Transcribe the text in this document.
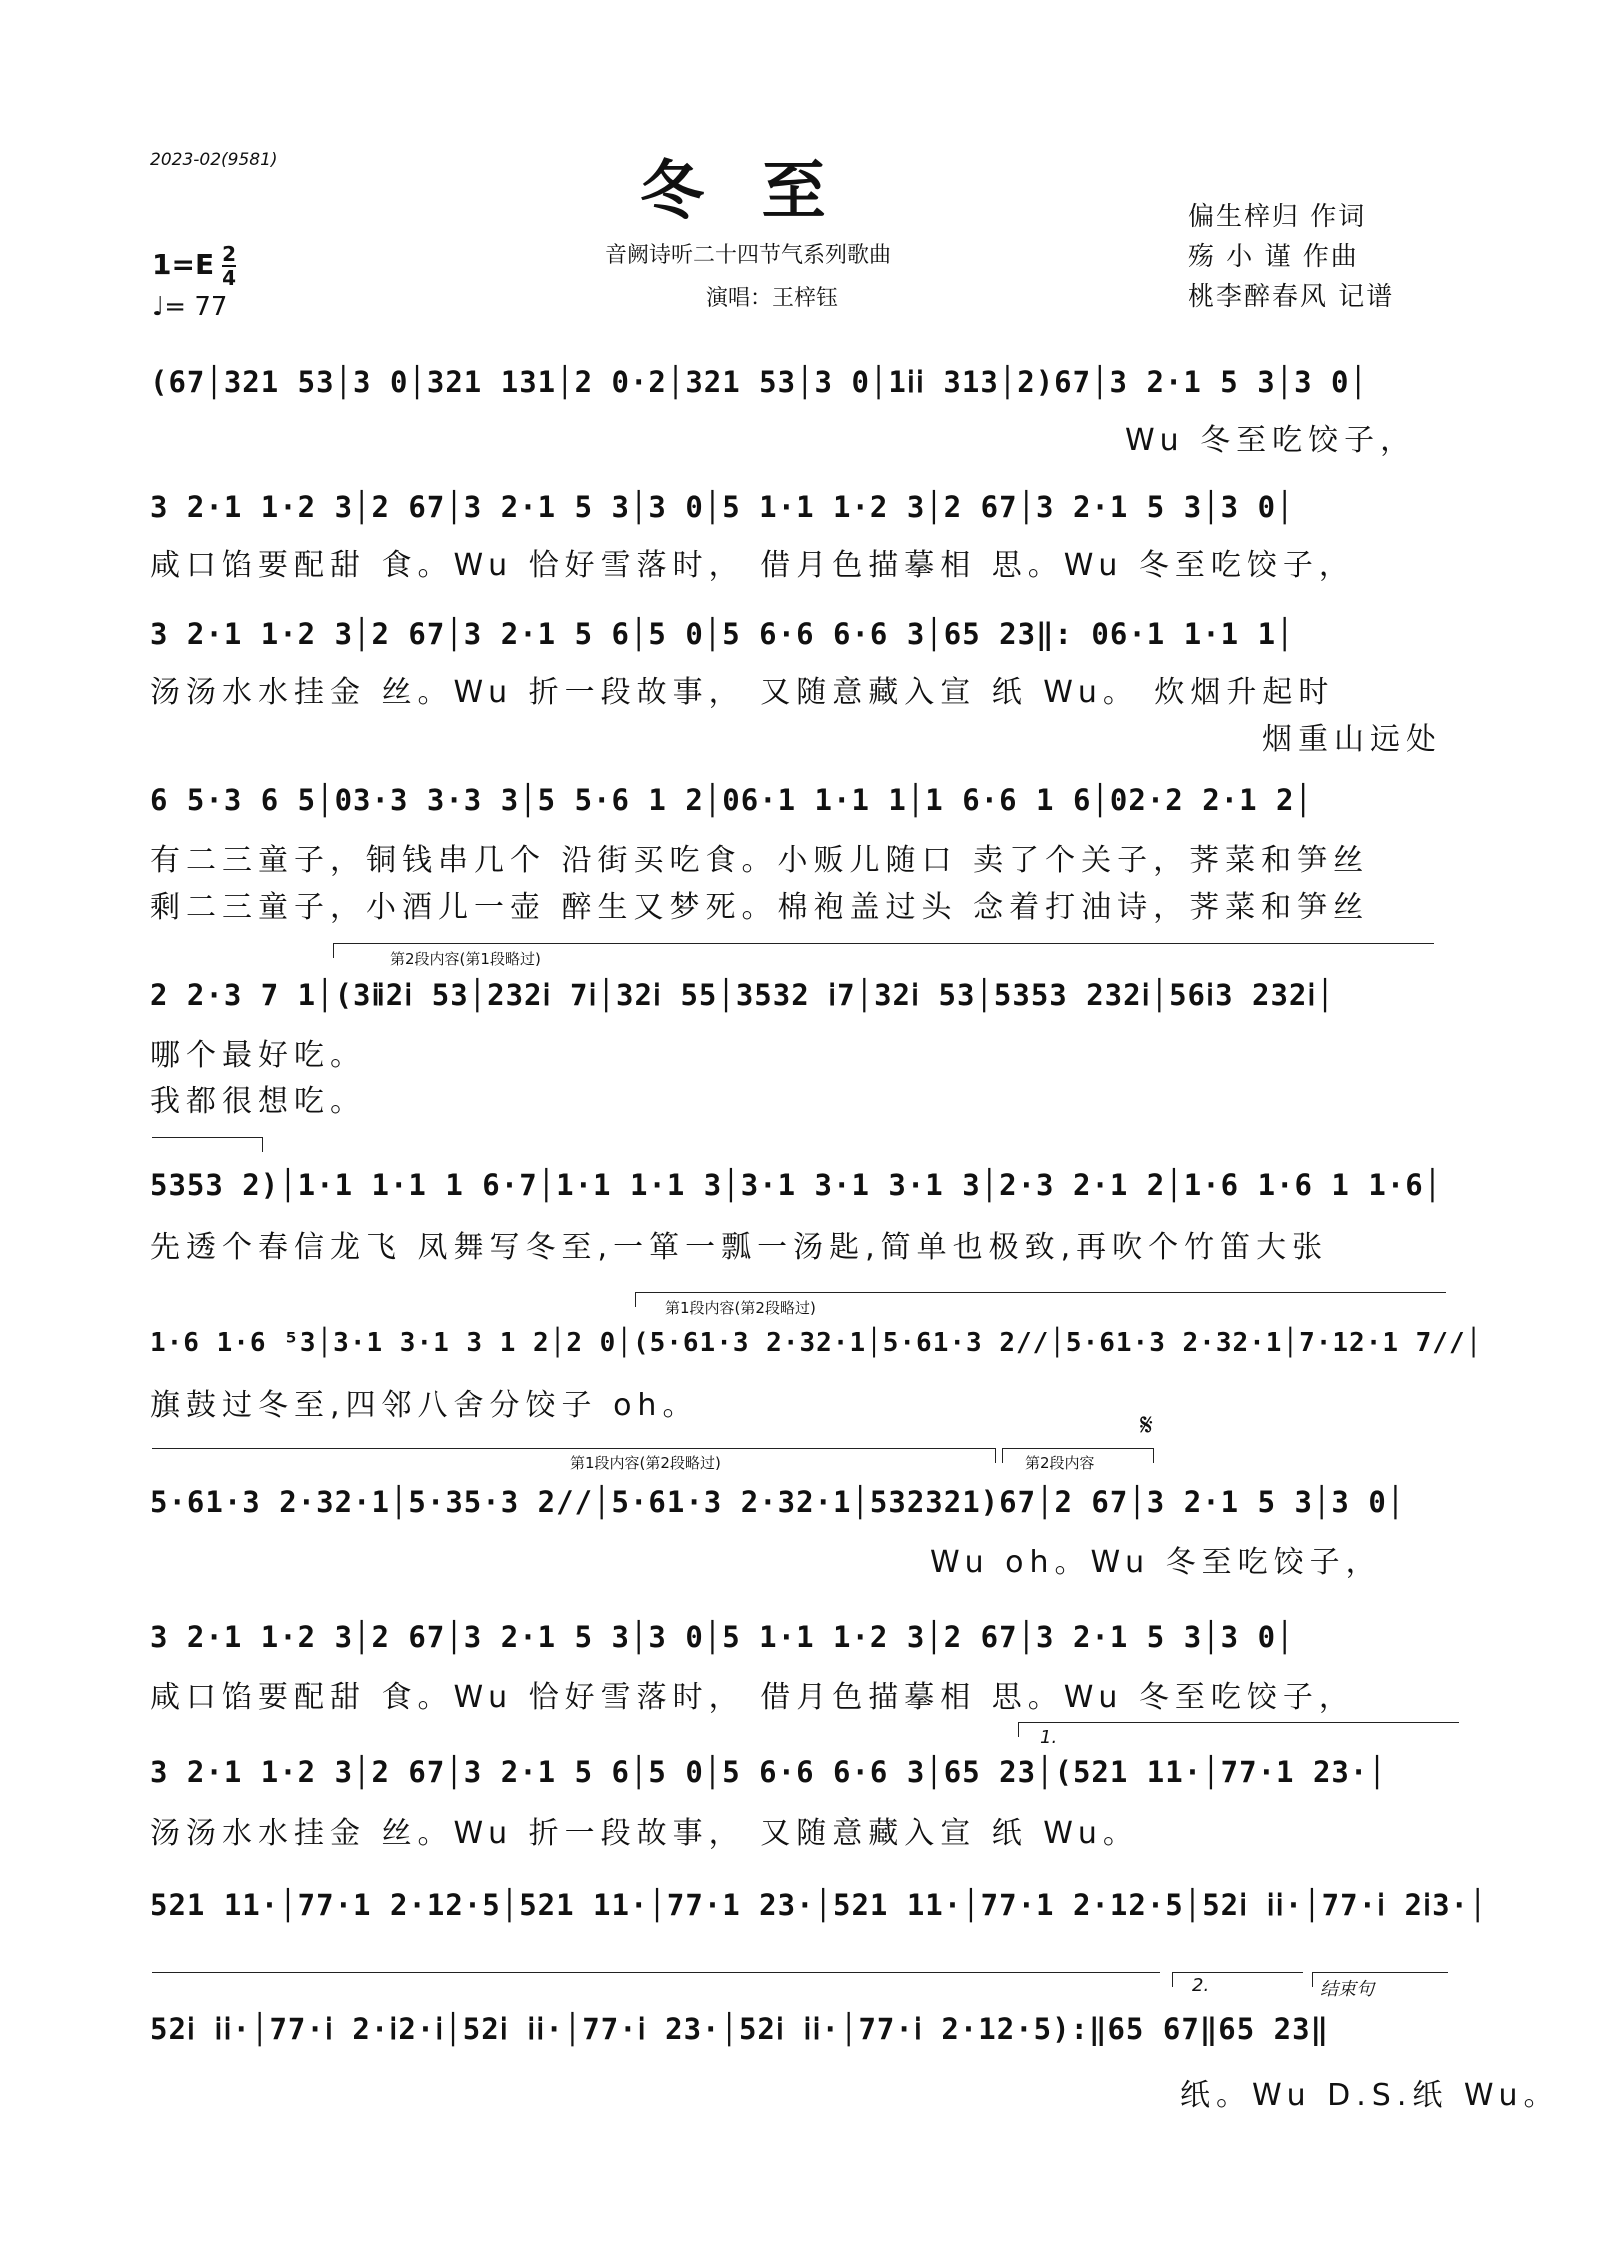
2023-02(9581)	冬至
音阙诗听二十四节气系列歌曲
演唱：王梓钰
偏生梓归 作词
殇 小 谨 作曲
桃李醉春风 记谱
$1=E \frac{2}{4}$
♩= 77
(67│321 53│3 0│321 131│2 0·2│321 53│3 0│1ⅰⅰ 313│2)67│3 2·1 5 3│3 0│
Wu 冬至吃饺子，
3 2·1 1·2 3│2 67│3 2·1 5 3│3 0│5 1·1 1·2 3│2 67│3 2·1 5 3│3 0│
咸口馅要配甜 食。Wu 恰好雪落时， 借月色描摹相 思。Wu 冬至吃饺子，
3 2·1 1·2 3│2 67│3 2·1 5 6│5 0│5 6·6 6·6 3│65 23‖: 06·1 1·1 1│
汤汤水水挂金 丝。Wu 折一段故事， 又随意藏入宣 纸 Wu。 炊烟升起时
烟重山远处
6 5·3 6 5│03·3 3·3 3│5 5·6 1 2│06·1 1·1 1│1 6·6 1 6│02·2 2·1 2│
有二三童子，铜钱串几个 沿街买吃食。小贩儿随口 卖了个关子，荠菜和笋丝
剩二三童子，小酒儿一壶 醉生又梦死。棉袍盖过头 念着打油诗，荠菜和笋丝
第2段内容(第1段略过)
2 2·3 7 1│(3ⅱ2ⅰ 53│232ⅰ 7ⅰ│32ⅰ 55│3532 ⅰ7│32ⅰ 53│5353 232ⅰ│56ⅰ3 232ⅰ│
哪个最好吃。
我都很想吃。
5353 2)│1·1 1·1 1 6·7│1·1 1·1 3│3·1 3·1 3·1 3│2·3 2·1 2│1·6 1·6 1 1·6│
先透个春信龙飞 凤舞写冬至,一箪一瓢一汤匙,简单也极致,再吹个竹笛大张
第1段内容(第2段略过)
1·6 1·6 ⁵3│3·1 3·1 3 1 2│2 0│(5·61·3 2·32·1│5·61·3 2//│5·61·3 2·32·1│7·12·1 7//│
旗鼓过冬至,四邻八舍分饺子 oh。
第1段内容(第2段略过)	第2段内容
𝄋
5·61·3 2·32·1│5·35·3 2//│5·61·3 2·32·1│532321)67│2 67│3 2·1 5 3│3 0│
Wu oh。Wu 冬至吃饺子，
3 2·1 1·2 3│2 67│3 2·1 5 3│3 0│5 1·1 1·2 3│2 67│3 2·1 5 3│3 0│
咸口馅要配甜 食。Wu 恰好雪落时， 借月色描摹相 思。Wu 冬至吃饺子，
1.
3 2·1 1·2 3│2 67│3 2·1 5 6│5 0│5 6·6 6·6 3│65 23│(521 11·│77·1 23·│
汤汤水水挂金 丝。Wu 折一段故事， 又随意藏入宣 纸 Wu。
521 11·│77·1 2·12·5│521 11·│77·1 23·│521 11·│77·1 2·12·5│52ⅰ ⅰⅰ·│77·ⅰ 2ⅰ3·│
2.	结束句
52ⅰ ⅰⅰ·│77·ⅰ 2·ⅰ2·ⅰ│52ⅰ ⅰⅰ·│77·ⅰ 23·│52ⅰ ⅰⅰ·│77·ⅰ 2·12·5):‖65 67‖65 23‖
纸。Wu D.S.纸 Wu。
